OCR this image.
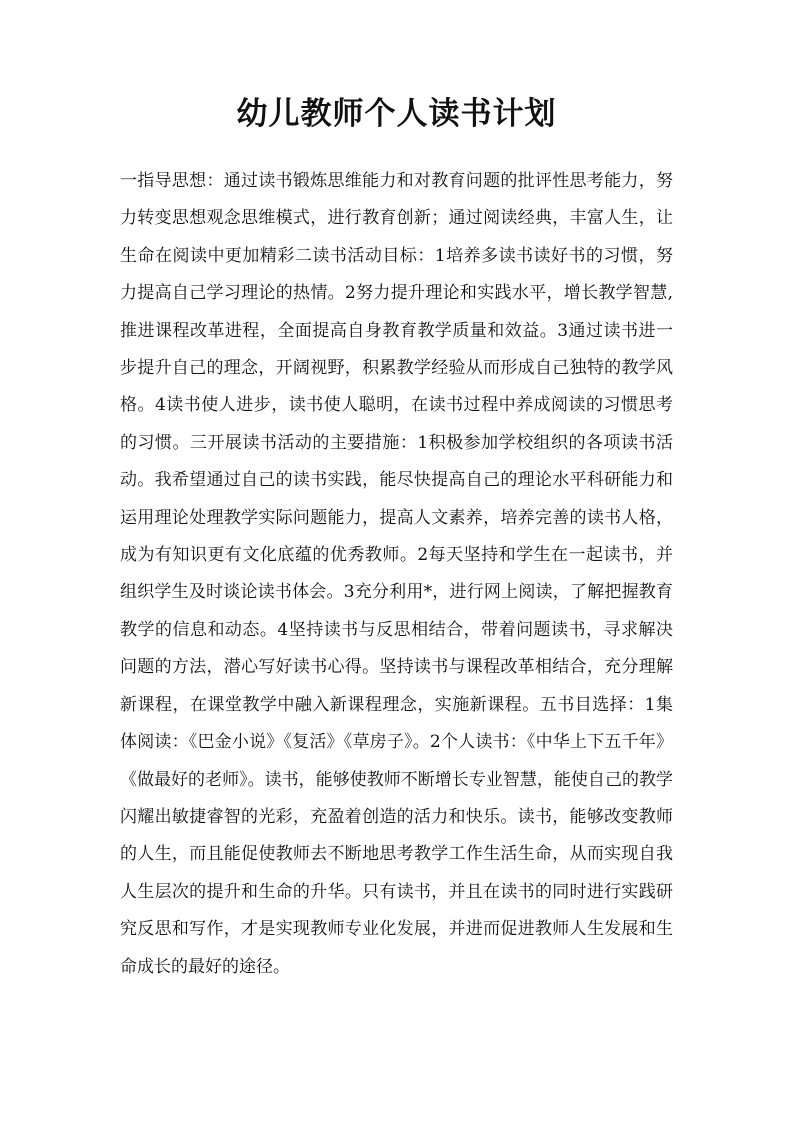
幼儿教师个人读书计划

一指导思想：通过读书锻炼思维能力和对教育问题的批评性思考能力，努力转变思想观念思维模式，进行教育创新；通过阅读经典，丰富人生，让生命在阅读中更加精彩二读书活动目标：1培养多读书读好书的习惯，努力提高自己学习理论的热情。2努力提升理论和实践水平，增长教学智慧,推进课程改革进程，全面提高自身教育教学质量和效益。3通过读书进一步提升自己的理念，开阔视野，积累教学经验从而形成自己独特的教学风格。4读书使人进步，读书使人聪明，在读书过程中养成阅读的习惯思考的习惯。三开展读书活动的主要措施：1积极参加学校组织的各项读书活动。我希望通过自己的读书实践，能尽快提高自己的理论水平科研能力和运用理论处理教学实际问题能力，提高人文素养，培养完善的读书人格，成为有知识更有文化底蕴的优秀教师。2每天坚持和学生在一起读书，并组织学生及时谈论读书体会。3充分利用*，进行网上阅读，了解把握教育教学的信息和动态。4坚持读书与反思相结合，带着问题读书，寻求解决问题的方法，潜心写好读书心得。坚持读书与课程改革相结合，充分理解新课程，在课堂教学中融入新课程理念，实施新课程。五书目选择：1集体阅读：《巴金小说》《复活》《草房子》。2个人读书：《中华上下五千年》《做最好的老师》。读书，能够使教师不断增长专业智慧，能使自己的教学闪耀出敏捷睿智的光彩，充盈着创造的活力和快乐。读书，能够改变教师的人生，而且能促使教师去不断地思考教学工作生活生命，从而实现自我人生层次的提升和生命的升华。只有读书，并且在读书的同时进行实践研究反思和写作，才是实现教师专业化发展，并进而促进教师人生发展和生命成长的最好的途径。
